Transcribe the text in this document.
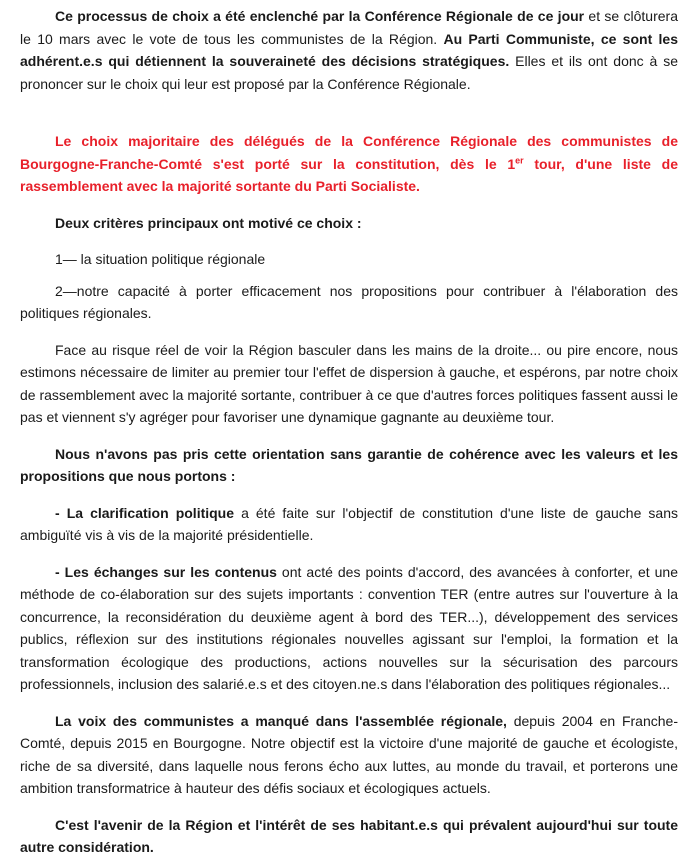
Ce processus de choix a été enclenché par la Conférence Régionale de ce jour et se clôturera le 10 mars avec le vote de tous les communistes de la Région. Au Parti Communiste, ce sont les adhérent.e.s qui détiennent la souveraineté des décisions stratégiques. Elles et ils ont donc à se prononcer sur le choix qui leur est proposé par la Conférence Régionale.

Le choix majoritaire des délégués de la Conférence Régionale des communistes de Bourgogne-Franche-Comté s'est porté sur la constitution, dès le 1er tour, d'une liste de rassemblement avec la majorité sortante du Parti Socialiste.

Deux critères principaux ont motivé ce choix :

1— la situation politique régionale

2—notre capacité à porter efficacement nos propositions pour contribuer à l'élaboration des politiques régionales.

Face au risque réel de voir la Région basculer dans les mains de la droite... ou pire encore, nous estimons nécessaire de limiter au premier tour l'effet de dispersion à gauche, et espérons, par notre choix de rassemblement avec la majorité sortante, contribuer à ce que d'autres forces politiques fassent aussi le pas et viennent s'y agréger pour favoriser une dynamique gagnante au deuxième tour.

Nous n'avons pas pris cette orientation sans garantie de cohérence avec les valeurs et les propositions que nous portons :

- La clarification politique a été faite sur l'objectif de constitution d'une liste de gauche sans ambiguïté vis à vis de la majorité présidentielle.

- Les échanges sur les contenus ont acté des points d'accord, des avancées à conforter, et une méthode de co-élaboration sur des sujets importants : convention TER (entre autres sur l'ouverture à la concurrence, la reconsidération du deuxième agent à bord des TER...), développement des services publics, réflexion sur des institutions régionales nouvelles agissant sur l'emploi, la formation et la transformation écologique des productions, actions nouvelles sur la sécurisation des parcours professionnels, inclusion des salarié.e.s et des citoyen.ne.s dans l'élaboration des politiques régionales...

La voix des communistes a manqué dans l'assemblée régionale, depuis 2004 en Franche-Comté, depuis 2015 en Bourgogne. Notre objectif est la victoire d'une majorité de gauche et écologiste, riche de sa diversité, dans laquelle nous ferons écho aux luttes, au monde du travail, et porterons une ambition transformatrice à hauteur des défis sociaux et écologiques actuels.

C'est l'avenir de la Région et l'intérêt de ses habitant.e.s qui prévalent aujourd'hui sur toute autre considération.
